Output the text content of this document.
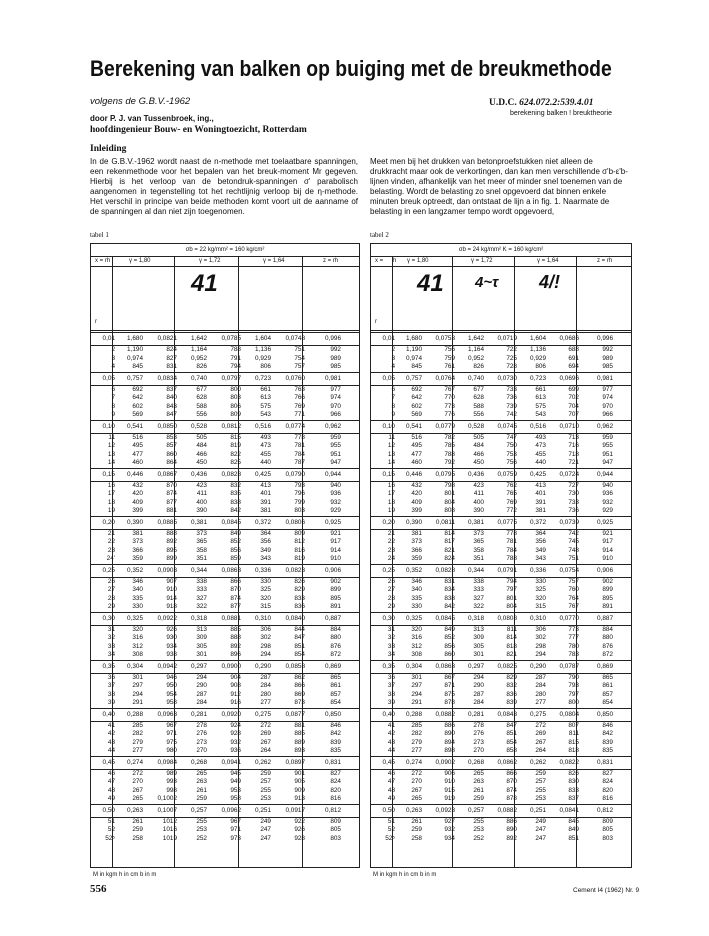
Berekening van balken op buiging met de breukmethode
volgens de G.B.V.-1962	U.D.C. 624.072.2:539.4.01
berekening balken ! breuktheorie
door P. J. van Tussenbroek, ing.,
hoofdingenieur Bouw- en Woningtoezicht, Rotterdam
Inleiding
In de G.B.V.-1962 wordt naast de n-methode met toelaatbare spanningen, een rekenmethode voor het bepalen van het breuk-moment Mr gegeven. Hierbij is het verloop van de betondruk-spanningen σ' parabolisch aangenomen in tegenstelling tot het rechtlijnig verloop bij de η-methode. Het verschil in principe van beide methoden komt voort uit de aanname of de spanningen al dan niet zijn toegenomen.
Meet men bij het drukken van betonproefstukken niet alleen de drukkracht maar ook de verkortingen, dan kan men verschillende σ'b-ε'b-lijnen vinden, afhankelijk van het meer of minder snel toenemen van de belasting. Wordt de belasting zo snel opgevoerd dat binnen enkele minuten breuk optreedt, dan ontstaat de lijn a in fig. 1. Naarmate de belasting in een langzamer tempo wordt opgevoerd,
tabel 1	tabel 2
σb = 22 kg/mm² = 160 kg/cm²
x = rh	γ = 1,80	γ = 1,72	γ = 1,64	z = rh
41
r
0,01	1,680	0,0821	1,642	0,0785	1,604	0,0748	0,996
2	1,190	824	1,164	788	1,136	751	992
3	0,974	827	0,952	791	0,929	754	989
4	845	831	826	794	806	757	985
0,05	0,757	0,0834	0,740	0,0797	0,723	0,0760	0,981
6	692	837	677	800	661	763	977
7	642	840	628	803	613	766	974
8	602	843	588	806	575	769	970
9	569	847	556	809	543	771	966
0,10	0,541	0,0850	0,528	0,0812	0,516	0,0774	0,962
11	516	853	505	815	493	778	959
12	495	857	484	819	473	781	955
13	477	860	466	822	455	784	951
14	460	864	450	825	440	787	947
0,15	0,446	0,0867	0,436	0,0828	0,425	0,0790	0,944
16	432	870	423	832	413	793	940
17	420	874	411	835	401	796	936
18	409	877	400	838	391	799	932
19	399	881	390	842	381	803	929
0,20	0,390	0,0885	0,381	0,0845	0,372	0,0806	0,925
21	381	888	373	849	364	809	921
22	373	892	365	852	356	812	917
23	366	895	358	856	349	816	914
24'	359	899	351	859	343	819	910
0,25	0,352	0,0903	0,344	0,0863	0,336	0,0823	0,906
26	346	907	338	866	330	826	902
27	340	910	333	870	325	829	899
28	335	914	327	874	320	833	895
29	330	918	322	877	315	836	891
0,30	0,325	0,0922	0,318	0,0881	0,310	0,0840	0,887
31	320	926	313	885	306	844	884
32	316	930	309	888	302	847	880
33	312	934	305	892	298	851	876
34	308	938	301	896	294	854	872
0,35	0,304	0,0942	0,297	0,0900	0,290	0,0858	0,869
36	301	946	294	904	287	862	865
37	297	950	290	908	284	866	861
38	294	954	287	912	280	869	857
39	291	958	284	916	277	873	854
0,40	0,288	0,0963	0,281	0,0920	0,275	0,0877	0,850
41	285	967	278	924	272	881	846
42	282	971	276	928	269	885	842
43	279	975	273	932	267	889	839
44	277	980	270	936	264	893	835
0,45	0,274	0,0984	0,268	0,0941	0,262	0,0897	0,831
46	272	989	265	945	259	901	827
47	270	993	263	949	257	905	824
48	267	998	261	953	255	909	820
49	265	0,1002	259	958	253	913	816
0,50	0,263	0,1007	0,257	0,0962	0,251	0,0917	0,812
51	261	1012	255	967	249	922	809
52	259	1016	253	971	247	926	805
52⁵	258	1019	252	973	247	928	803
M in kgm h in cm b in m
σb = 24 kg/mm² K = 160 kg/cm²
x = h γ = 1,80	γ = 1,72	γ = 1,64	z = rh
41 4~τ 4/!
r
0,01	1,680	0,0753	1,642	0,0719	1,604	0,0686	0,996
2	1,190	756	1,164	722	1,136	688	992
3	0,974	759	0,952	725	0,929	691	989
4	845	761	826	728	806	694	985
0,05	0,757	0,0764	0,740	0,0730	0,723	0,0696	0,981
6	692	767	677	733	661	699	977
7	642	770	628	736	613	702	974
8	602	773	588	739	575	704	970
9	569	776	556	742	543	707	966
0,10	0,541	0,0779	0,528	0,0745	0,516	0,0710	0,962
11	516	782	505	747	493	713	959
12	495	785	484	750	473	716	955
13	477	788	466	753	455	718	951
14	460	792	450	756	440	721	947
0,15	0,446	0,0795	0,436	0,0759	0,425	0,0724	0,944
16	432	798	423	762	413	727	940
17	420	801	411	765	401	730	936
18	409	804	400	769	391	733	932
19	399	808	390	772	381	736	929
0,20	0,390	0,0811	0,381	0,0775	0,372	0,0739	0,925
21	381	814	373	778	364	742	921
22	373	817	365	781	356	745	917
23	366	821	358	784	349	748	914
24	359	824	351	788	343	751	910
0,25	0,352	0,0828	0,344	0,0791	0,336	0,0754	0,906
26	346	831	338	794	330	757	902
27	340	834	333	797	325	760	899
28	335	838	327	801	320	764	895
29	330	842	322	804	315	767	891
0,30	0,325	0,0845	0,318	0,0808	0,310	0,0770	0,887
31	320	849	313	811	306	773	884
32	316	852	309	814	302	777	880
33	312	856	305	818	298	780	876
34	308	860	301	821	294	783	872
0,35	0,304	0,0863	0,297	0,0825	0,290	0,0787	0,869
36	301	867	294	829	287	790	865
37	297	871	290	832	284	793	861
38	294	875	287	836	280	797	857
39	291	878	284	839	277	800	854
0,40	0,288	0,0882	0,281	0,0843	0,275	0,0804	0,850
41	285	886	278	847	272	807	846
42	282	890	276	851	269	811	842
43	279	894	273	854	267	815	839
44	277	898	270	858	264	818	835
0,45	0,274	0,0902	0,268	0,0862	0,262	0,0822	0,831
46	272	906	265	866	259	826	827
47	270	910	263	870	257	830	824
48	267	915	261	874	255	833	820
49	265	919	259	878	253	837	816
0,50	0,263	0,0923	0,257	0,0882	0,251	0,0841	0,812
51	261	927	255	886	249	845	809
52	259	932	253	890	247	849	805
52⁵	258	934	252	892	247	851	803
M in kgm h in cm b in m
556	Cement I4 (1962) Nr. 9
